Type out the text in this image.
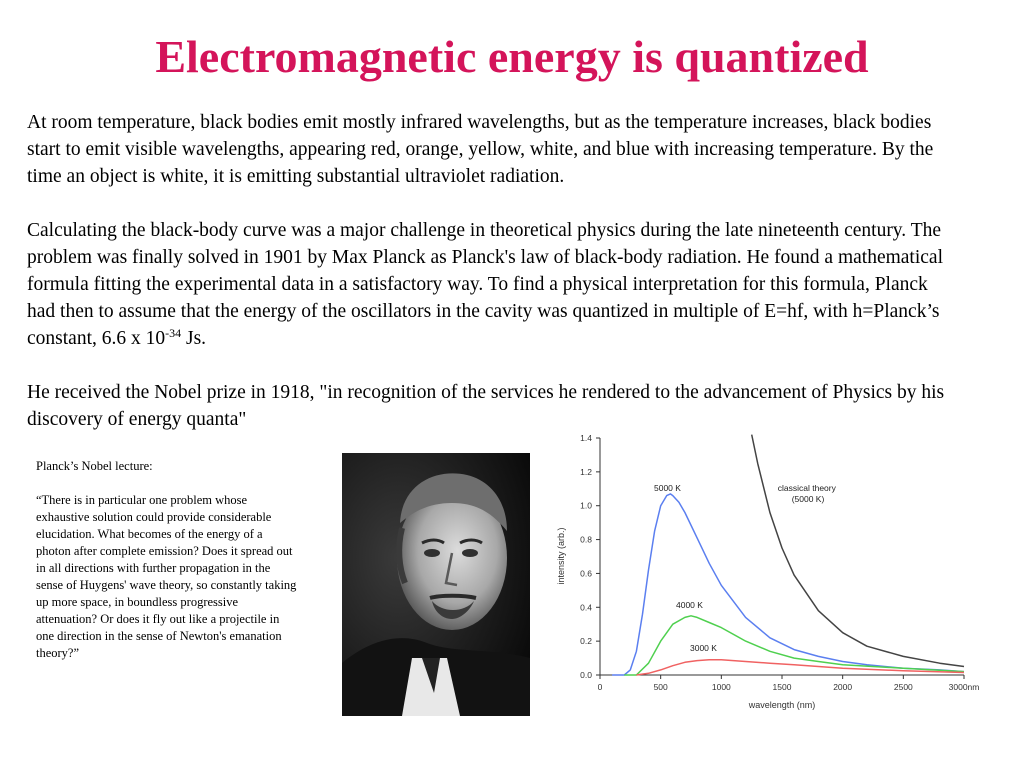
Electromagnetic energy is quantized

At room temperature, black bodies emit mostly infrared wavelengths, but as the temperature increases, black bodies start to emit visible wavelengths, appearing red, orange, yellow, white, and blue with increasing temperature. By the time an object is white, it is emitting substantial ultraviolet radiation.

Calculating the black-body curve was a major challenge in theoretical physics during the late nineteenth century. The problem was finally solved in 1901 by Max Planck as Planck's law of black-body radiation. He found a mathematical formula fitting the experimental data in a satisfactory way. To find a physical interpretation for this formula, Planck had then to assume that the energy of the oscillators in the cavity was quantized in multiple of E=hf, with h=Planck’s constant, 6.6 x $10^{-34}$ Js.

He received the Nobel prize in 1918, "in recognition of the services he rendered to the advancement of Physics by his discovery of energy quanta"

Planck’s Nobel lecture:

“There is in particular one problem whose exhaustive solution could provide considerable elucidation. What becomes of the energy of a photon after complete emission? Does it spread out in all directions with further propagation in the sense of Huygens' wave theory, so constantly taking up more space, in boundless progressive attenuation? Or does it fly out like a projectile in one direction in the sense of Newton's emanation theory?”

0	500	1000	1500	2000	2500	3000nm
0.0
0.2
0.4
0.6
0.8
1.0
1.2
1.4
intensity (arb.)
wavelength (nm)
5000 K
4000 K
3000 K
classical theory (5000 K)
